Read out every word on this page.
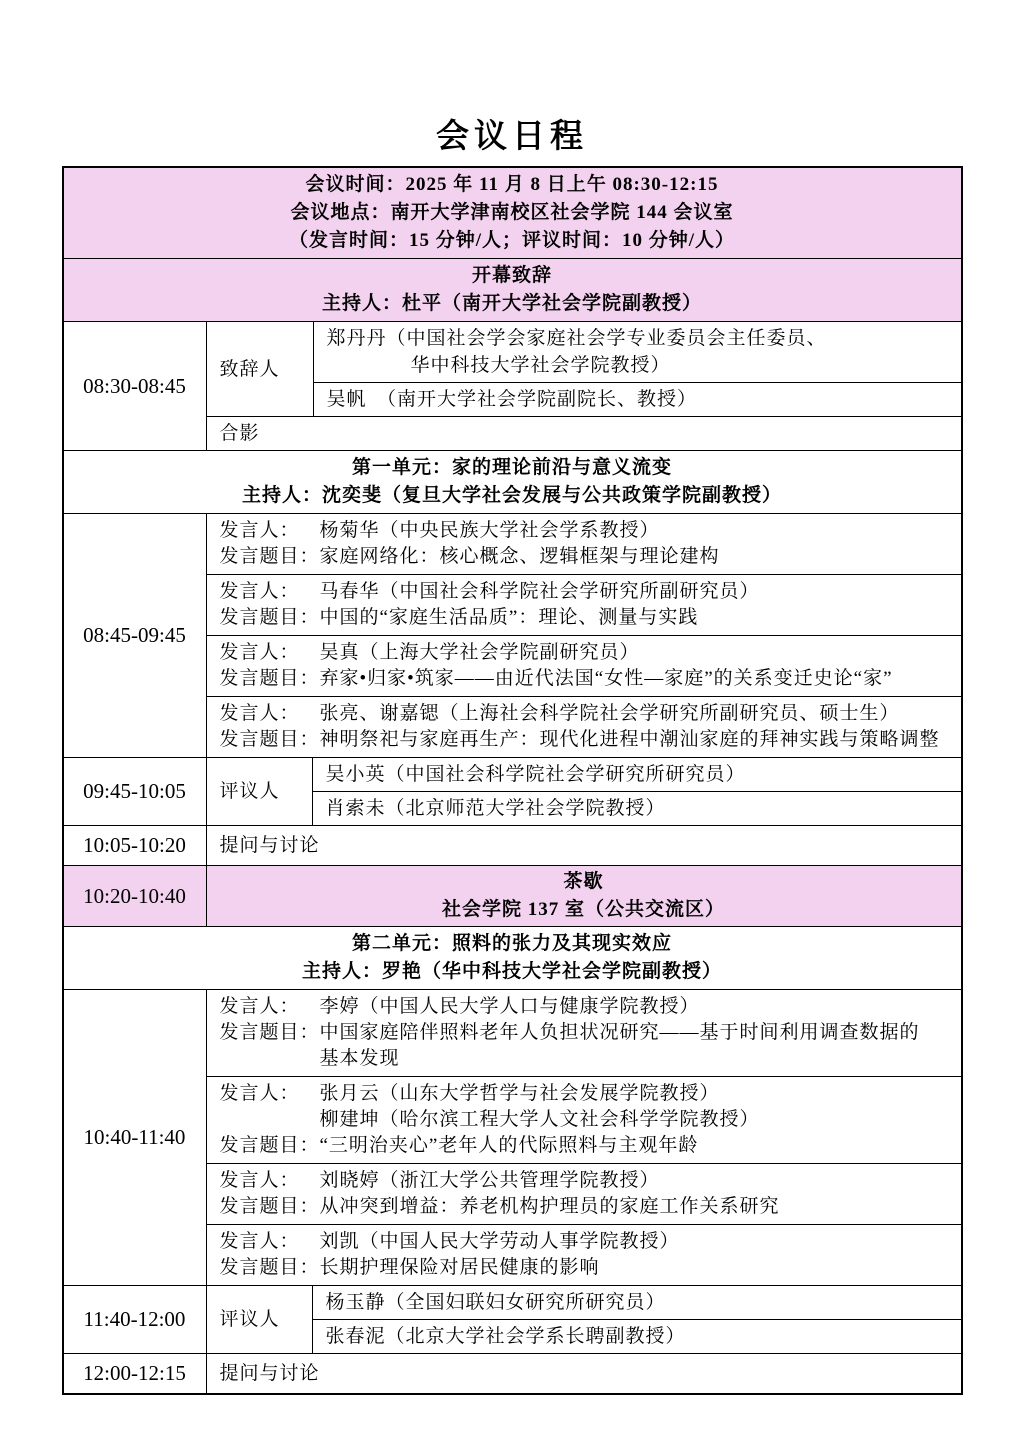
会议日程
会议时间：2025 年 11 月 8 日上午 08:30-12:15
会议地点：南开大学津南校区社会学院 144 会议室
（发言时间：15 分钟/人；评议时间：10 分钟/人）
开幕致辞
主持人：杜平（南开大学社会学院副教授）
08:30-08:45
致辞人
郑丹丹（中国社会学会家庭社会学专业委员会主任委员、
华中科技大学社会学院教授）
吴帆　（南开大学社会学院副院长、教授）
合影
第一单元：家的理论前沿与意义流变
主持人：沈奕斐（复旦大学社会发展与公共政策学院副教授）
08:45-09:45
发言人：	杨菊华（中央民族大学社会学系教授）
发言题目： 家庭网络化：核心概念、逻辑框架与理论建构
发言人：	马春华（中国社会科学院社会学研究所副研究员）
发言题目： 中国的“家庭生活品质”：理论、测量与实践
发言人：	吴真（上海大学社会学院副研究员）
发言题目： 弃家•归家•筑家——由近代法国“女性—家庭”的关系变迁史论“家”
发言人：	张亮、谢嘉锶（上海社会科学院社会学研究所副研究员、硕士生）
发言题目： 神明祭祀与家庭再生产：现代化进程中潮汕家庭的拜神实践与策略调整
09:45-10:05	评议人
吴小英（中国社会科学院社会学研究所研究员）
肖索未（北京师范大学社会学院教授）
10:05-10:20	提问与讨论
10:20-10:40
茶歇
社会学院 137 室（公共交流区）
第二单元：照料的张力及其现实效应
主持人：罗艳（华中科技大学社会学院副教授）
10:40-11:40
发言人：	李婷（中国人民大学人口与健康学院教授）
发言题目： 中国家庭陪伴照料老年人负担状况研究——基于时间利用调查数据的
基本发现
发言人：	张月云（山东大学哲学与社会发展学院教授）
柳建坤（哈尔滨工程大学人文社会科学学院教授）
发言题目： “三明治夹心”老年人的代际照料与主观年龄
发言人：	刘晓婷（浙江大学公共管理学院教授）
发言题目： 从冲突到增益：养老机构护理员的家庭工作关系研究
发言人：	刘凯（中国人民大学劳动人事学院教授）
发言题目： 长期护理保险对居民健康的影响
11:40-12:00	评议人
杨玉静（全国妇联妇女研究所研究员）
张春泥（北京大学社会学系长聘副教授）
12:00-12:15	提问与讨论
